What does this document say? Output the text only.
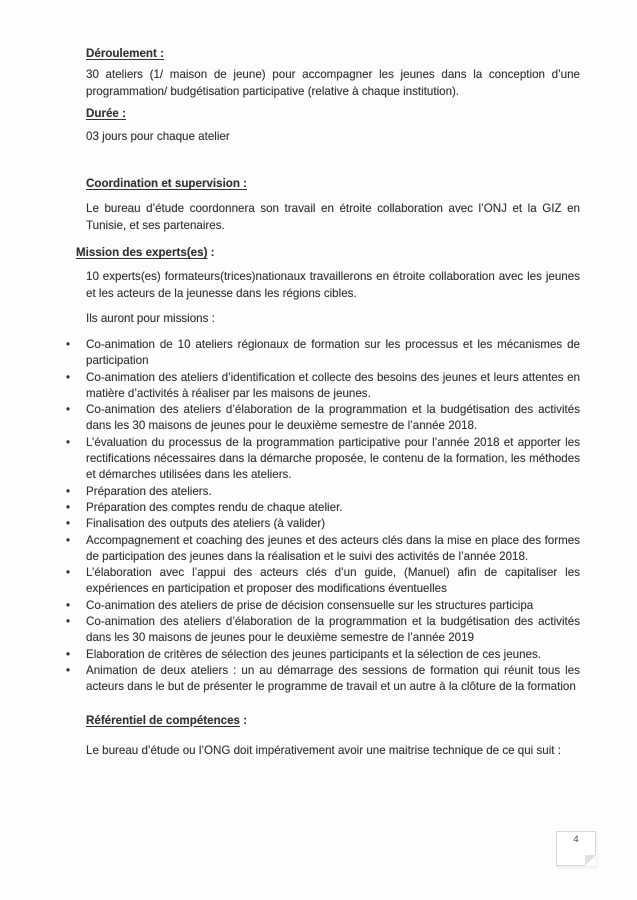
Déroulement :

30 ateliers (1/ maison de jeune) pour accompagner les jeunes dans la conception d’une programmation/ budgétisation participative (relative à chaque institution).

Durée :

03 jours pour chaque atelier

Coordination et supervision :

Le bureau d’étude coordonnera son travail en étroite collaboration avec l’ONJ et la GIZ en Tunisie, et ses partenaires.

Mission des experts(es) :

10 experts(es) formateurs(trices)nationaux travaillerons en étroite collaboration avec les jeunes et les acteurs de la jeunesse dans les régions cibles.

Ils auront pour missions :

• Co-animation de 10 ateliers régionaux de formation sur les processus et les mécanismes de participation
• Co-animation des ateliers d’identification et collecte des besoins des jeunes et leurs attentes en matière d’activités à réaliser par les maisons de jeunes.
• Co-animation des ateliers d’élaboration de la programmation et la budgétisation des activités dans les 30 maisons de jeunes pour le deuxième semestre de l’année 2018.
• L’évaluation du processus de la programmation participative pour l’année 2018 et apporter les rectifications nécessaires dans la démarche proposée, le contenu de la formation, les méthodes et démarches utilisées dans les ateliers.
• Préparation des ateliers.
• Préparation des comptes rendu de chaque atelier.
• Finalisation des outputs des ateliers (à valider)
• Accompagnement et coaching des jeunes et des acteurs clés dans la mise en place des formes de participation des jeunes dans la réalisation et le suivi des activités de l’année 2018.
• L’élaboration avec l’appui des acteurs clés d’un guide, (Manuel) afin de capitaliser les expériences en participation et proposer des modifications éventuelles
• Co-animation des ateliers de prise de décision consensuelle sur les structures participa
• Co-animation des ateliers d’élaboration de la programmation et la budgétisation des activités dans les 30 maisons de jeunes pour le deuxième semestre de l’année 2019
• Elaboration de critères de sélection des jeunes participants et la sélection de ces jeunes.
• Animation de deux ateliers : un au démarrage des sessions de formation qui réunit tous les acteurs dans le but de présenter le programme de travail et un autre à la clôture de la formation
Référentiel de compétences :

Le bureau d’étude ou l’ONG doit impérativement avoir une maitrise technique de ce qui suit :

4
